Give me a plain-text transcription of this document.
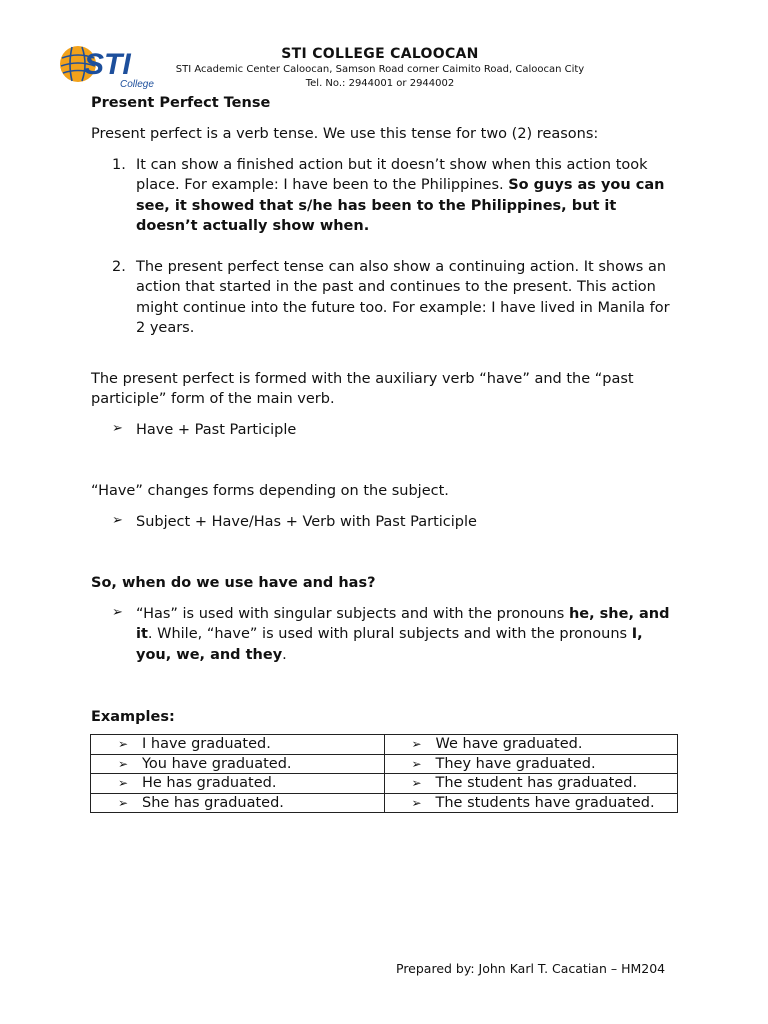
STI
College
STI COLLEGE CALOOCAN
STI Academic Center Caloocan, Samson Road corner Caimito Road, Caloocan City
Tel. No.: 2944001 or 2944002
Present Perfect Tense
Present perfect is a verb tense. We use this tense for two (2) reasons:
1. It can show a finished action but it doesn’t show when this action took place. For example: I have been to the Philippines. So guys as you can see, it showed that s/he has been to the Philippines, but it doesn’t actually show when.
2. The present perfect tense can also show a continuing action. It shows an action that started in the past and continues to the present. This action might continue into the future too. For example: I have lived in Manila for 2 years.
The present perfect is formed with the auxiliary verb “have” and the “past participle” form of the main verb.
➢ Have + Past Participle
“Have” changes forms depending on the subject.
➢ Subject + Have/Has + Verb with Past Participle
So, when do we use have and has?
➢ “Has” is used with singular subjects and with the pronouns he, she, and it. While, “have” is used with plural subjects and with the pronouns I, you, we, and they.
Examples:
➢ I have graduated.	➢ We have graduated.
➢ You have graduated.	➢ They have graduated.
➢ He has graduated.	➢ The student has graduated.
➢ She has graduated.	➢ The students have graduated.
Prepared by: John Karl T. Cacatian – HM204
